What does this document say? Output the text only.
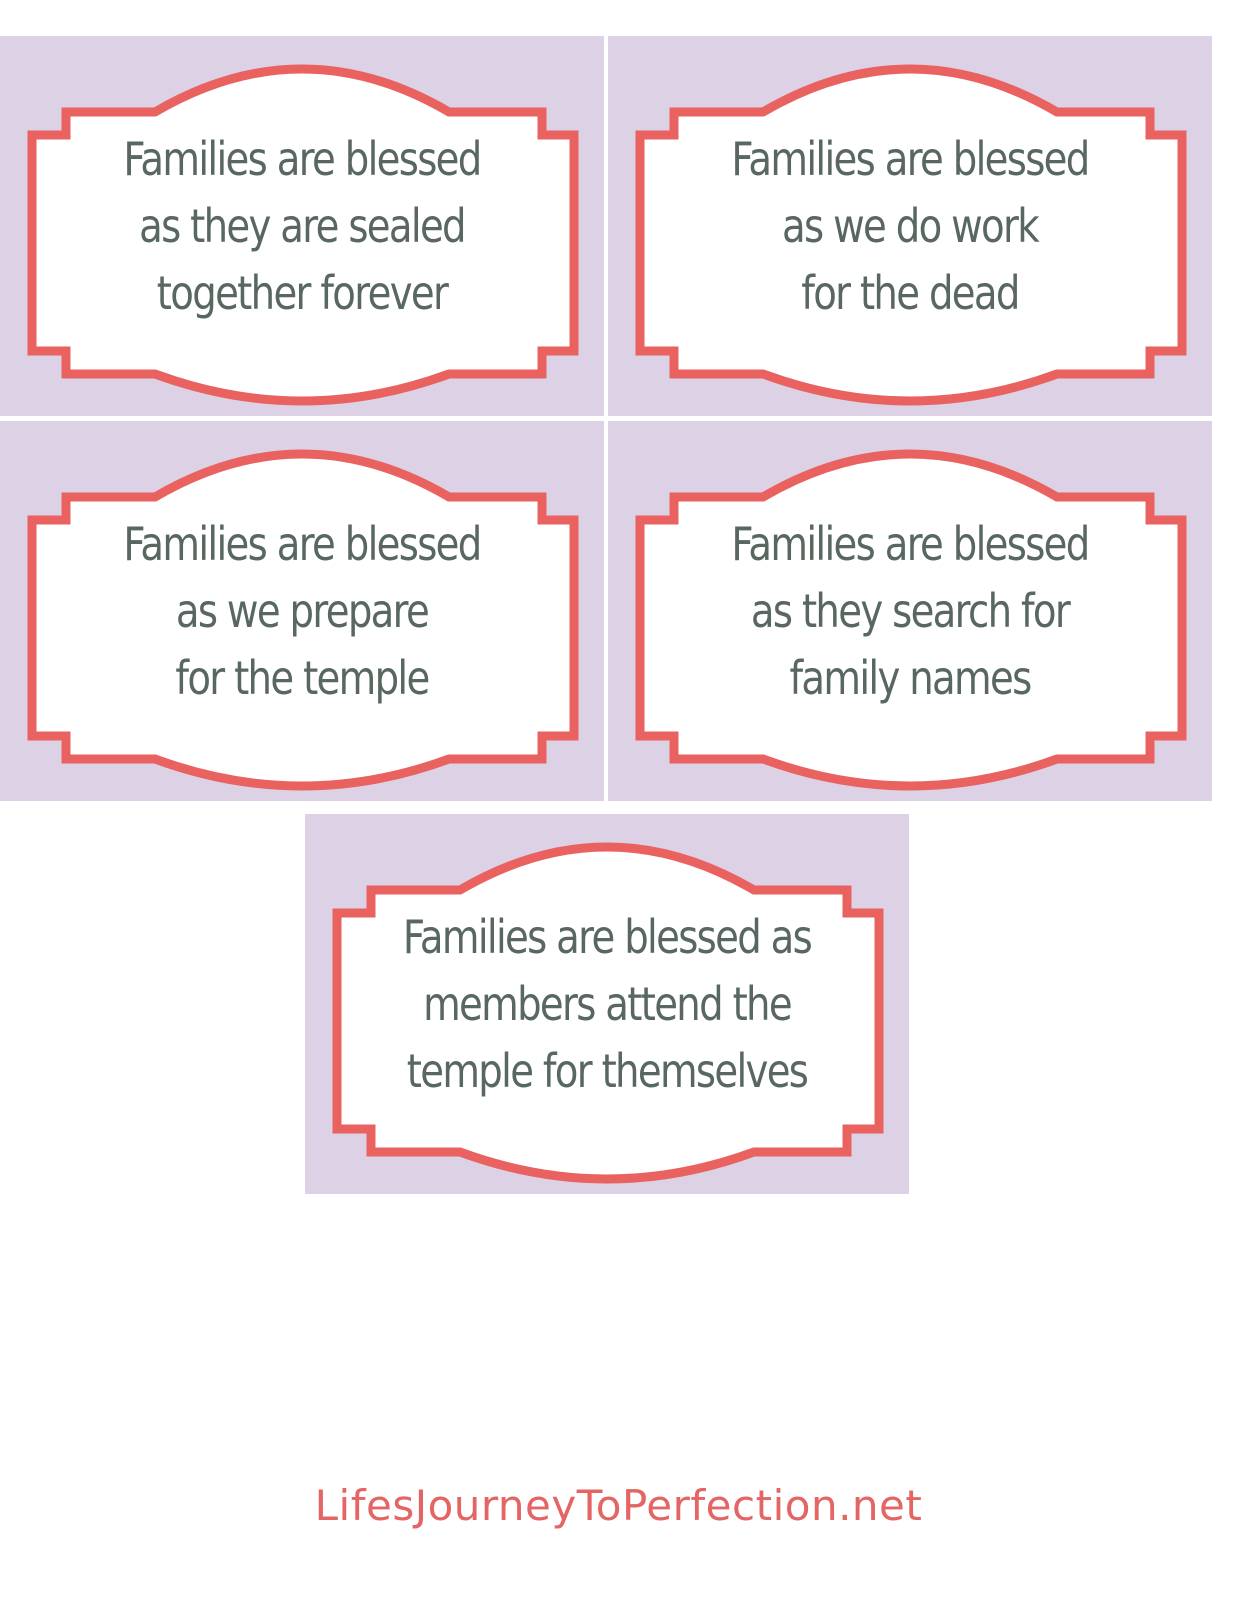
Families are blessed
as they are sealed
together forever
Families are blessed
as we do work
for the dead
Families are blessed
as we prepare
for the temple
Families are blessed
as they search for
family names
Families are blessed as
members attend the
temple for themselves
LifesJourneyToPerfection.net
